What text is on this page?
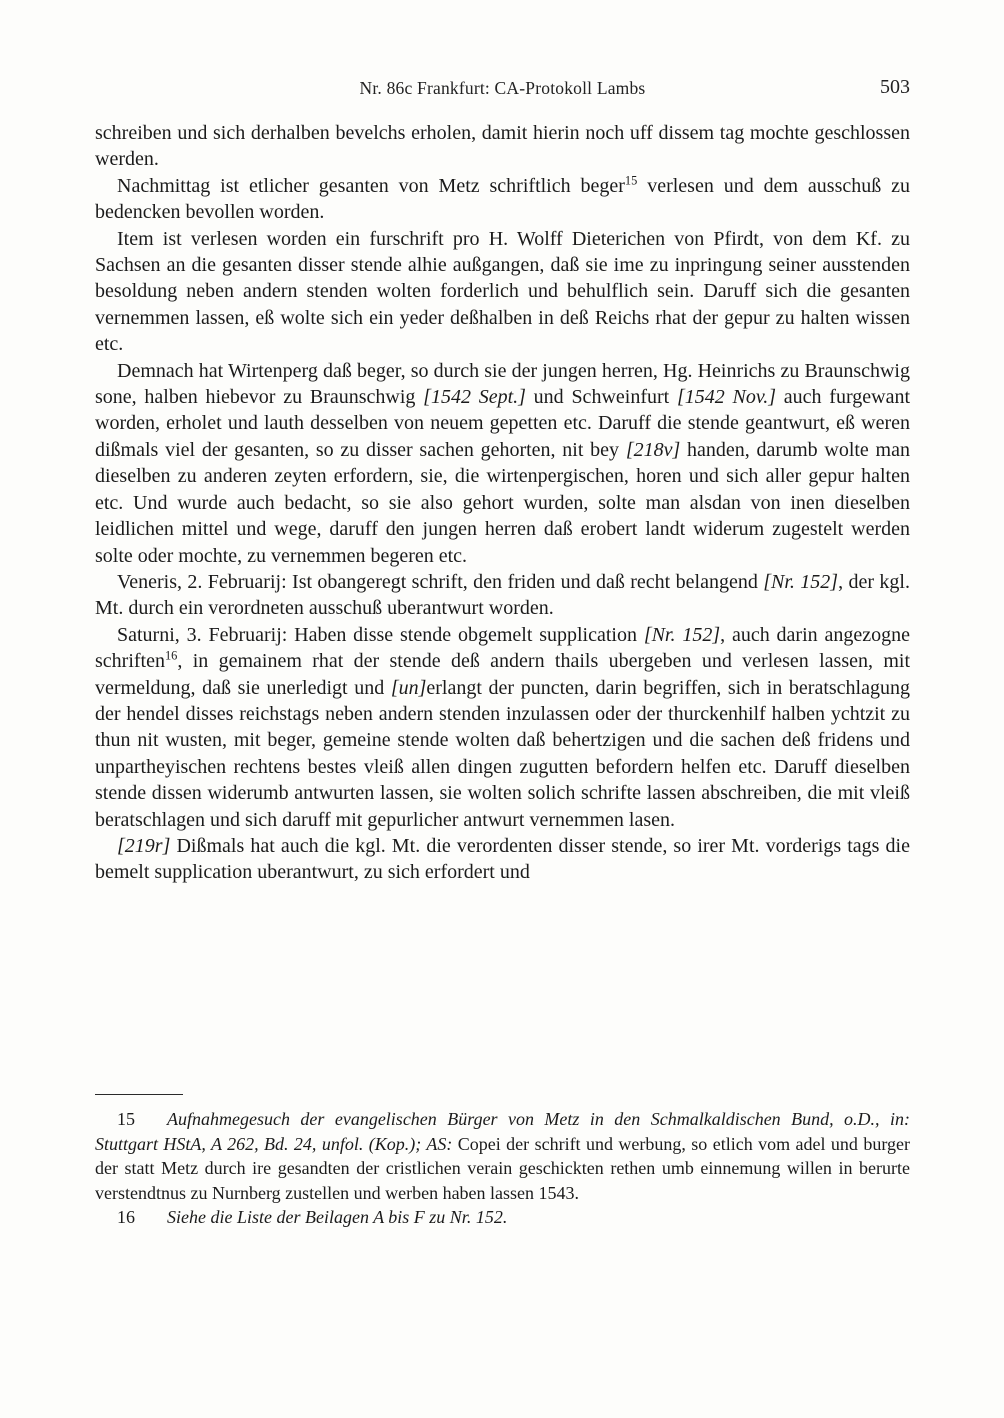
Nr. 86c Frankfurt: CA-Protokoll Lambs	503

schreiben und sich derhalben bevelchs erholen, damit hierin noch uff dissem tag mochte geschlossen werden.

Nachmittag ist etlicher gesanten von Metz schriftlich beger$^{15}$ verlesen und dem ausschuß zu bedencken bevollen worden.

Item ist verlesen worden ein furschrift pro H. Wolff Dieterichen von Pfirdt, von dem Kf. zu Sachsen an die gesanten disser stende alhie außgangen, daß sie ime zu inpringung seiner ausstenden besoldung neben andern stenden wolten forderlich und behulflich sein. Daruff sich die gesanten vernemmen lassen, eß wolte sich ein yeder deßhalben in deß Reichs rhat der gepur zu halten wissen etc.

Demnach hat Wirtenperg daß beger, so durch sie der jungen herren, Hg. Heinrichs zu Braunschwig sone, halben hiebevor zu Braunschwig [1542 Sept.] und Schweinfurt [1542 Nov.] auch furgewant worden, erholet und lauth desselben von neuem gepetten etc. Daruff die stende geantwurt, eß weren dißmals viel der gesanten, so zu disser sachen gehorten, nit bey [218v] handen, darumb wolte man dieselben zu anderen zeyten erfordern, sie, die wirtenpergischen, horen und sich aller gepur halten etc. Und wurde auch bedacht, so sie also gehort wurden, solte man alsdan von inen dieselben leidlichen mittel und wege, daruff den jungen herren daß erobert landt widerum zugestelt werden solte oder mochte, zu vernemmen begeren etc.

Veneris, 2. Februarij: Ist obangeregt schrift, den friden und daß recht belangend [Nr. 152], der kgl. Mt. durch ein verordneten ausschuß uberantwurt worden.

Saturni, 3. Februarij: Haben disse stende obgemelt supplication [Nr. 152], auch darin angezogne schriften$^{16}$, in gemainem rhat der stende deß andern thails ubergeben und verlesen lassen, mit vermeldung, daß sie unerledigt und [un]erlangt der puncten, darin begriffen, sich in beratschlagung der hendel disses reichstags neben andern stenden inzulassen oder der thurckenhilf halben ychtzit zu thun nit wusten, mit beger, gemeine stende wolten daß behertzigen und die sachen deß fridens und unpartheyischen rechtens bestes vleiß allen dingen zugutten befordern helfen etc. Daruff dieselben stende dissen widerumb antwurten lassen, sie wolten solich schrifte lassen abschreiben, die mit vleiß beratschlagen und sich daruff mit gepurlicher antwurt vernemmen lasen.

[219r] Dißmals hat auch die kgl. Mt. die verordenten disser stende, so irer Mt. vorderigs tags die bemelt supplication uberantwurt, zu sich erfordert und

15 Aufnahmegesuch der evangelischen Bürger von Metz in den Schmalkaldischen Bund, o.D., in: Stuttgart HStA, A 262, Bd. 24, unfol. (Kop.); AS: Copei der schrift und werbung, so etlich vom adel und burger der statt Metz durch ire gesandten der cristlichen verain geschickten rethen umb einnemung willen in berurte verstendtnus zu Nurnberg zustellen und werben haben lassen 1543.

16 Siehe die Liste der Beilagen A bis F zu Nr. 152.
